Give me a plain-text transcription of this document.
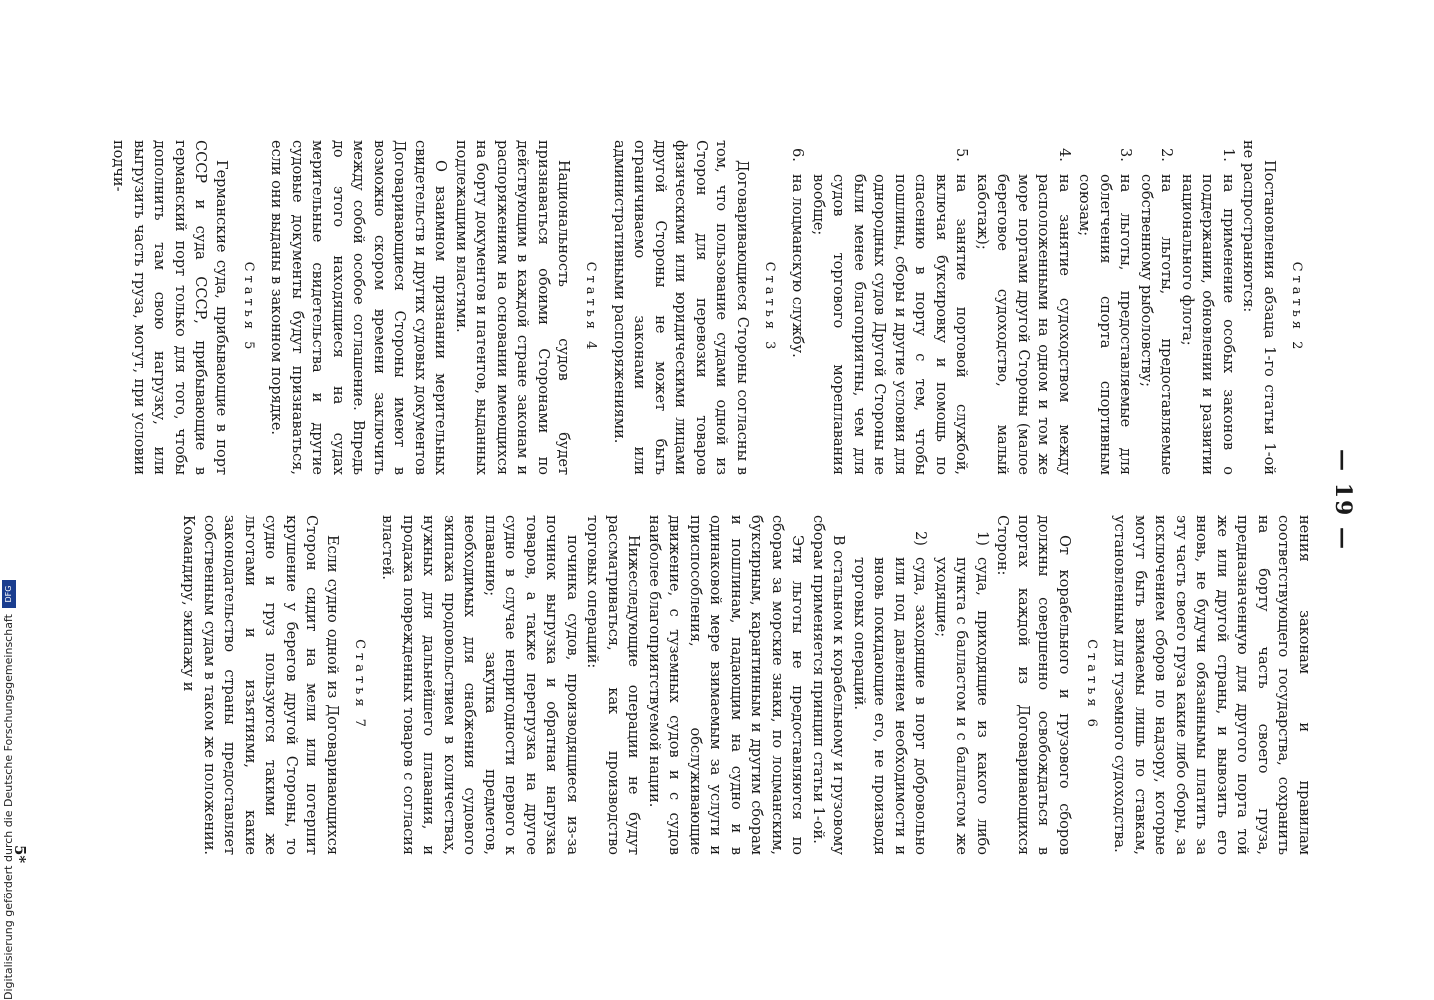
— 19 —
Статья 2

Постановления абзаца 1-го статьи 1-ой не распространяются:

1.
на применение особых законов о поддержании, обновлении и развитии национального флота;
2.
на льготы, предоставляемые собственному рыболовству;
3.
на льготы, предоставляемые для облегчения спорта спортивным союзам;
4.
на занятие судоходством между расположенными на одном и том же море портами другой Стороны (малое береговое судоходство, малый каботаж);
5.
на занятие портовой службой, включая буксировку и помощь по спасению в порту с тем, чтобы пошлины, сборы и другие условия для однородных судов Другой Стороны не были менее благоприятны, чем для судов торгового мореплавания вообще;
6.
на лоцманскую службу.
Статья 3

Договаривающиеся Стороны согласны в том, что пользование судами одной из Сторон для перевозки товаров физическими или юридическими лицами другой Стороны не может быть ограничиваемо законами или административными распоряжениями.

Статья 4

Национальность судов будет признаваться обоими Сторонами по действующим в каждой стране законам и распоряжениям на основании имеющихся на борту документов и патентов, выданных подлежащими властями.

О взаимном признании мерительных свидетельств и других судовых документов Договаривающиеся Стороны имеют в возможно скором времени заключить между собой особое соглашение. Впредь до этого находящиеся на судах мерительные свидетельства и другие судовые документы будут признаваться, если они выданы в законном порядке.

Статья 5

Германские суда, прибывающие в порт СССР и суда СССР, прибывающие в германский порт только для того, чтобы дополнить там свою нагрузку, или выгрузить часть груза, могут, при условии подчи-

нения законам и правилам соответствующего государства, сохранить на борту часть своего груза, предназначенную для другого порта той же или другой страны, и вывозить его вновь, не будучи обязаннымы платить за эту часть своего груза какие либо сборы, за исключением сборов по надзору, которые могут быть взимаемы лишь по ставкам, установленным для туземного судоходства.

Статья 6

От корабельного и грузового сборов должны совершенно освобождаться в портах каждой из Договаривающихся Сторон:

1)
суда, приходящие из какого либо пункта с балластом и с балластом же уходящие;
2)
суда, заходящие в порт добровольно или под давлением необходимости и вновь покидающие его, не производя торговых операций.

В остальном к корабельному и грузовому сборам применяется принцип статьи 1-ой.

Эти льготы не предоставляются по сборам за морские знаки, по лоцманским, буксирным, карантинным и другим сборам и пошлинам, падающим на судно и в одинаковой мере взимаемым за услуги и приспособления, обслуживающие движение, с туземных судов и с судов наиболее благоприятствуемой нации.

Нижеследующие операции не будут рассматриваться, как производство торговых операций:

починка судов, производящиеся из-за починок выгрузка и обратная нагрузка товаров, а также перегрузка на другое судно в случае непригодности первого к плаванию; закупка предметов, необходимых для снабжения судового экипажа продовольствием в количествах, нужных для дальнейшего плавания, и продажа поврежденных товаров с согласия властей.

Статья 7

Если судно одной из Договаривающихся Сторон сидит на мели или потерпит крушение у берегов другой Стороны, то судно и груз пользуются такими же льготами и изъятиями, какие законодательство страны предоставляет собственным судам в таком же положении. Командиру, экипажу и

5*
Digitalisierung gefördert durch die Deutsche Forschungsgemeinschaft
DFG
